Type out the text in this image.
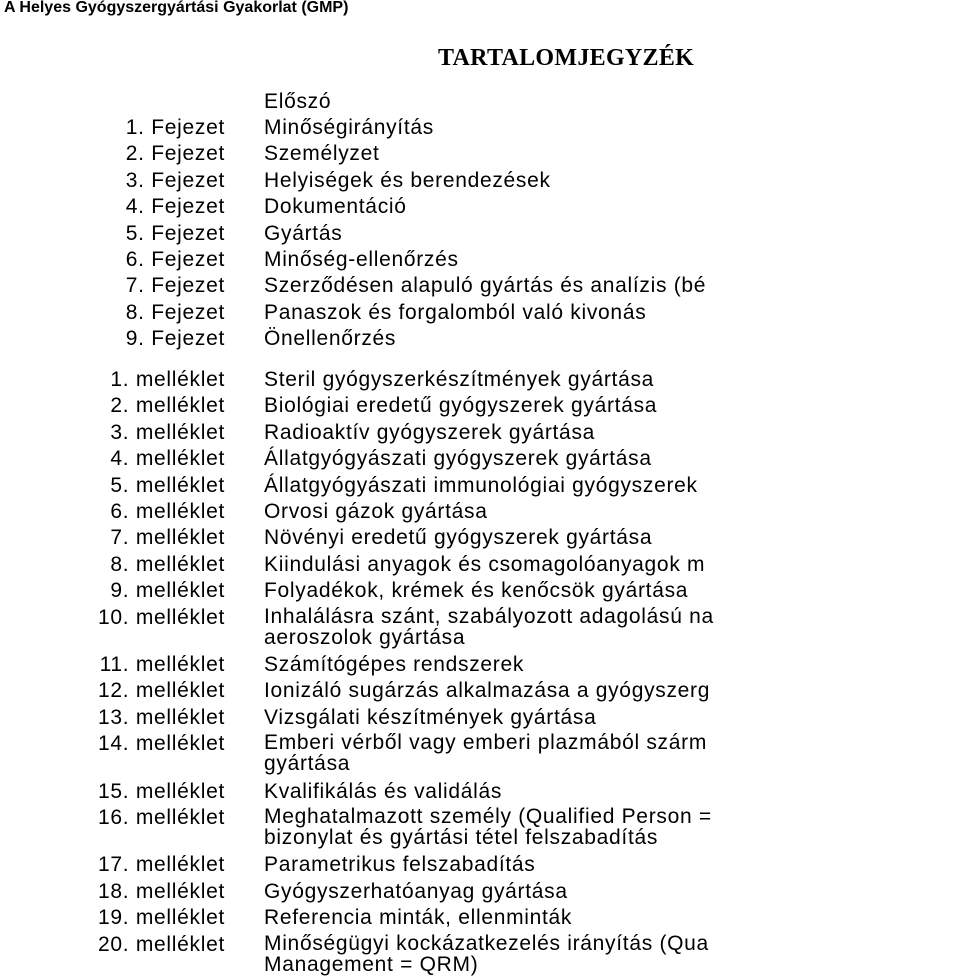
A Helyes Gyógyszergyártási Gyakorlat (GMP)
TARTALOMJEGYZÉK
Előszó
1. Fejezet Minőségirányítás
2. Fejezet Személyzet
3. Fejezet Helyiségek és berendezések
4. Fejezet Dokumentáció
5. Fejezet Gyártás
6. Fejezet Minőség-ellenőrzés
7. Fejezet Szerződésen alapuló gyártás és analízis (bé
8. Fejezet Panaszok és forgalomból való kivonás
9. Fejezet Önellenőrzés
1. melléklet Steril gyógyszerkészítmények gyártása
2. melléklet Biológiai eredetű gyógyszerek gyártása
3. melléklet Radioaktív gyógyszerek gyártása
4. melléklet Állatgyógyászati gyógyszerek gyártása
5. melléklet Állatgyógyászati immunológiai gyógyszerek
6. melléklet Orvosi gázok gyártása
7. melléklet Növényi eredetű gyógyszerek gyártása
8. melléklet Kiindulási anyagok és csomagolóanyagok m
9. melléklet Folyadékok, krémek és kenőcsök gyártása
10. melléklet Inhalálásra szánt, szabályozott adagolású na
aeroszolok gyártása
11. melléklet Számítógépes rendszerek
12. melléklet Ionizáló sugárzás alkalmazása a gyógyszerg
13. melléklet Vizsgálati készítmények gyártása
14. melléklet Emberi vérből vagy emberi plazmából szárm
gyártása
15. melléklet Kvalifikálás és validálás
16. melléklet Meghatalmazott személy (Qualified Person =
bizonylat és gyártási tétel felszabadítás
17. melléklet Parametrikus felszabadítás
18. melléklet Gyógyszerhatóanyag gyártása
19. melléklet Referencia minták, ellenminták
20. melléklet Minőségügyi kockázatkezelés irányítás (Qua
Management = QRM)
